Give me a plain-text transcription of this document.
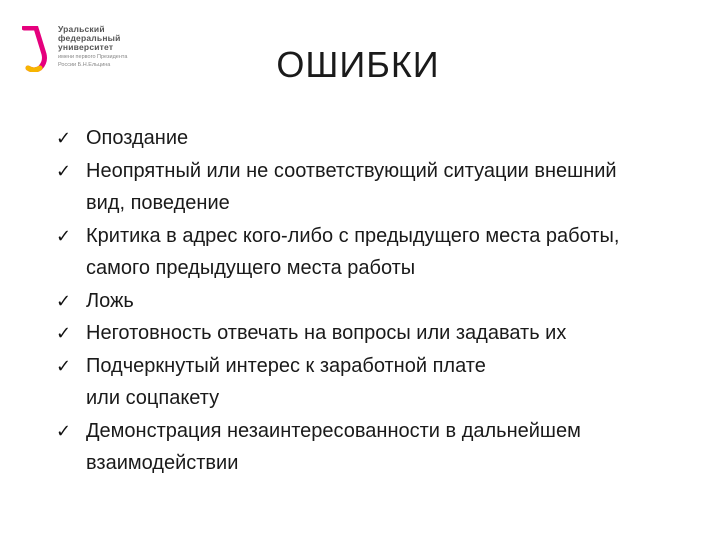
Уральский
федеральный
университет
имени первого Президента
России Б.Н.Ельцина	ОШИБКИ
✓ Опоздание
✓ Неопрятный или не соответствующий ситуации внешний
вид, поведение
✓ Критика в адрес кого-либо с предыдущего места работы,
самого предыдущего места работы
✓ Ложь
✓ Неготовность отвечать на вопросы или задавать их
✓ Подчеркнутый интерес к заработной плате
или соцпакету
✓ Демонстрация незаинтересованности в дальнейшем
взаимодействии
